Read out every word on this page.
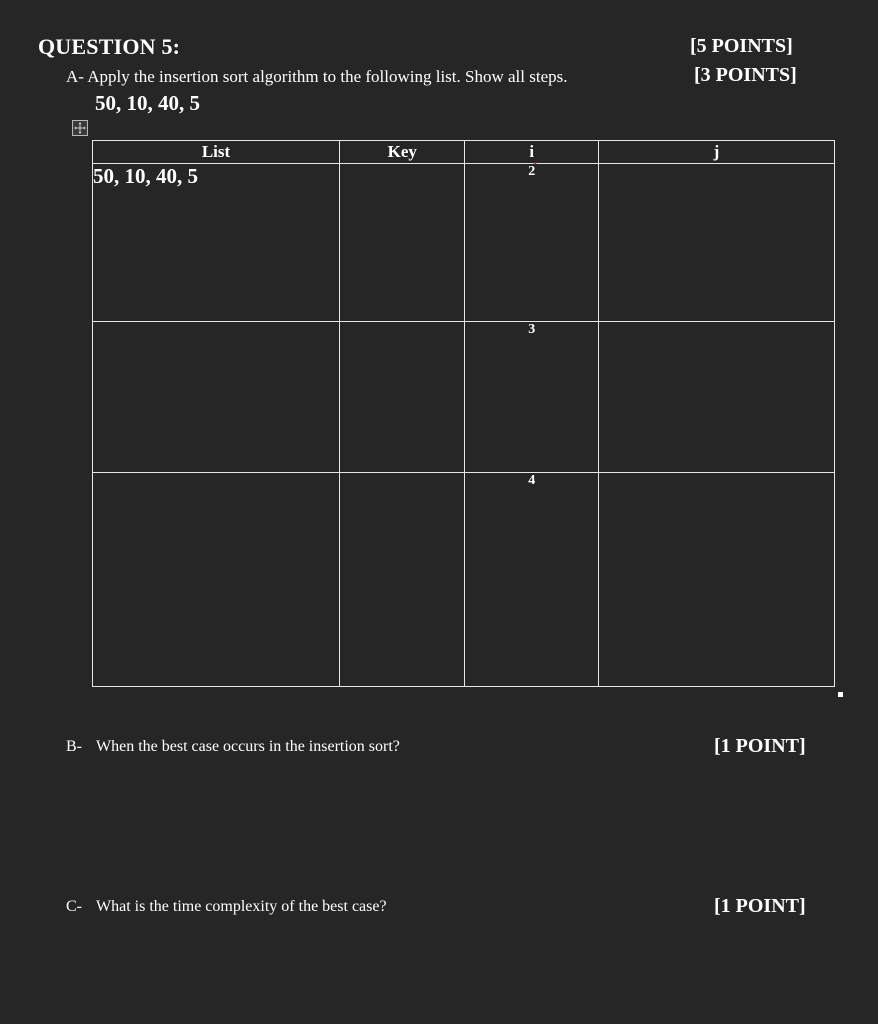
QUESTION 5:	[5 POINTS]
A- Apply the insertion sort algorithm to the following list. Show all steps.	[3 POINTS]
50, 10, 40, 5
List	Key	i ˷	j
50, 10, 40, 5		2	
		3	
		4	
B- When the best case occurs in the insertion sort?	[1 POINT]
C- What is the time complexity of the best case?	[1 POINT]
